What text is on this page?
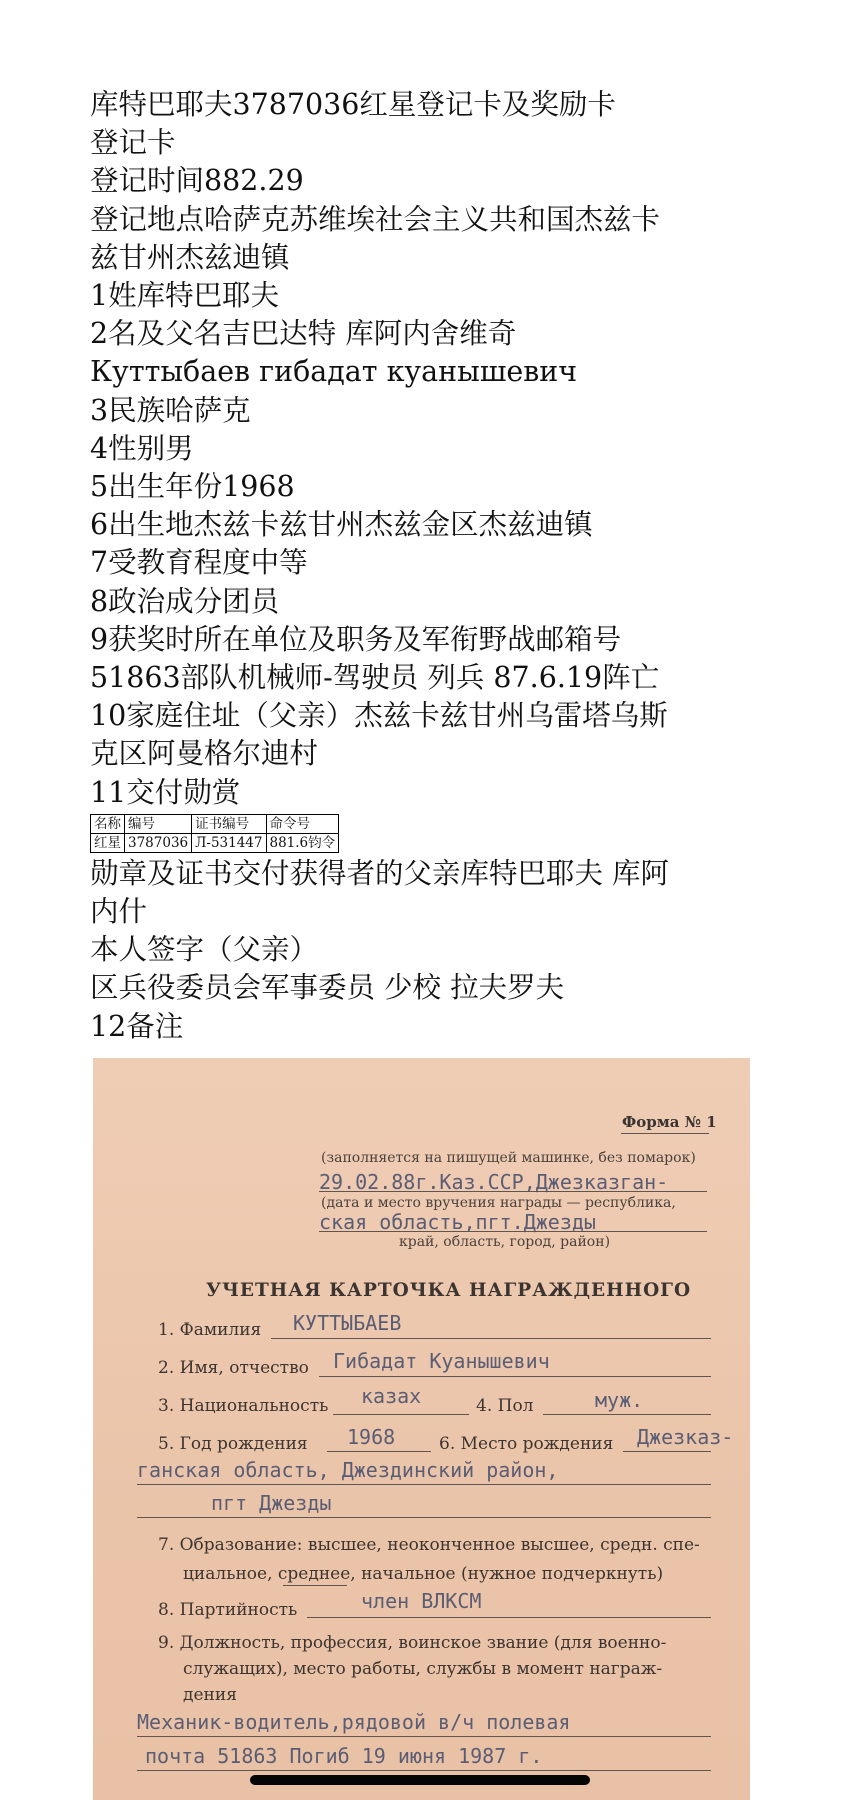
库特巴耶夫3787036红星登记卡及奖励卡
登记卡
登记时间882.29
登记地点哈萨克苏维埃社会主义共和国杰兹卡
兹甘州杰兹迪镇
1姓库特巴耶夫
2名及父名吉巴达特 库阿内舍维奇
Куттыбаев гибадат куанышевич
3民族哈萨克
4性别男
5出生年份1968
6出生地杰兹卡兹甘州杰兹金区杰兹迪镇
7受教育程度中等
8政治成分团员
9获奖时所在单位及职务及军衔野战邮箱号
51863部队机械师-驾驶员 列兵 87.6.19阵亡
10家庭住址（父亲）杰兹卡兹甘州乌雷塔乌斯
克区阿曼格尔迪村
11交付勋赏
名称	编号	证书编号	命令号
红星	3787036	Л-531447	881.6钧令
勋章及证书交付获得者的父亲库特巴耶夫 库阿
内什
本人签字（父亲）
区兵役委员会军事委员 少校 拉夫罗夫
12备注
Форма № 1
(заполняется на пишущей машинке, без помарок)
29.02.88г.Каз.ССР,Джезказган-
(дата и место вручения награды — республика,
ская область,пгт.Джезды
край, область, город, район)
УЧЕТНАЯ КАРТОЧКА НАГРАЖДЕННОГО
1. Фамилия КУТТЫБАЕВ
2. Имя, отчество Гибадат Куанышевич
3. Национальность казах	4. Пол	муж.
5. Год рождения 1968	6. Место рождения Джезказ-
ганская область, Джездинский район,
пгт Джезды
7. Образование: высшее, неоконченное высшее, средн. спе-
циальное, среднее, начальное (нужное подчеркнуть)
8. Партийность	член ВЛКСМ
9. Должность, профессия, воинское звание (для военно-
служащих), место работы, службы в момент награж-
дения
Механик-водитель,рядовой в/ч полевая
почта 51863 Погиб 19 июня 1987 г.
